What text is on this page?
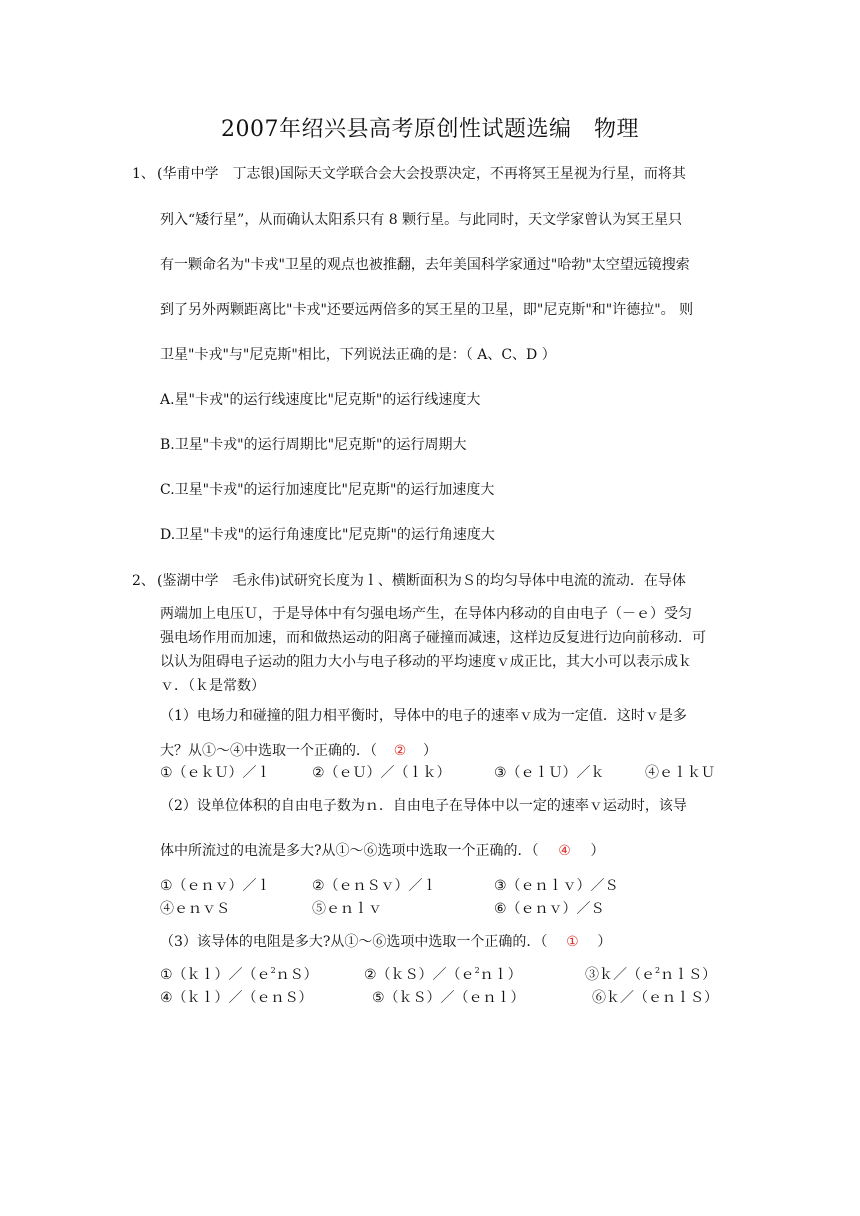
2007年绍兴县高考原创性试题选编　物理
1、 (华甫中学　丁志银)国际天文学联合会大会投票决定，不再将冥王星视为行星，而将其
列入“矮行星”，从而确认太阳系只有 8 颗行星。与此同时，天文学家曾认为冥王星只
有一颗命名为"卡戎"卫星的观点也被推翻，去年美国科学家通过"哈勃"太空望远镜搜索
到了另外两颗距离比"卡戎"还要远两倍多的冥王星的卫星，即"尼克斯"和"许德拉"。 则
卫星"卡戎"与"尼克斯"相比，下列说法正确的是：（ A、C、D ）
A.星"卡戎"的运行线速度比"尼克斯"的运行线速度大
B.卫星"卡戎"的运行周期比"尼克斯"的运行周期大
C.卫星"卡戎"的运行加速度比"尼克斯"的运行加速度大
D.卫星"卡戎"的运行角速度比"尼克斯"的运行角速度大
2、 (鉴湖中学　毛永伟)试研究长度为ｌ、横断面积为Ｓ的均匀导体中电流的流动．在导体
两端加上电压Ｕ，于是导体中有匀强电场产生，在导体内移动的自由电子（－ｅ）受匀
强电场作用而加速，而和做热运动的阳离子碰撞而减速，这样边反复进行边向前移动．可
以认为阻碍电子运动的阻力大小与电子移动的平均速度ｖ成正比，其大小可以表示成ｋ
ｖ．（ｋ是常数）
（1）电场力和碰撞的阻力相平衡时，导体中的电子的速率ｖ成为一定值．这时ｖ是多
大？从①～④中选取一个正确的．（ ② ）
①（ｅｋＵ）／ｌ	②（ｅＵ）／（ｌｋ）	③（ｅｌＵ）／ｋ	④ｅｌｋＵ
（2）设单位体积的自由电子数为ｎ．自由电子在导体中以一定的速率ｖ运动时，该导
体中所流过的电流是多大?从①～⑥选项中选取一个正确的．（ ④ ）
①（ｅｎｖ）／ｌ	②（ｅｎＳｖ）／ｌ	③（ｅｎｌｖ）／Ｓ
④ｅｎｖＳ	⑤ｅｎｌｖ	⑥（ｅｎｖ）／Ｓ
（3）该导体的电阻是多大?从①～⑥选项中选取一个正确的．（ ① ）
①（ｋｌ）／（ｅ$^2$ｎＳ）	②（ｋＳ）／（ｅ$^2$ｎｌ）	③ｋ／（ｅ$^2$ｎｌＳ）
④（ｋｌ）／（ｅｎＳ）	⑤（ｋＳ）／（ｅｎｌ）	⑥ｋ／（ｅｎｌＳ）
